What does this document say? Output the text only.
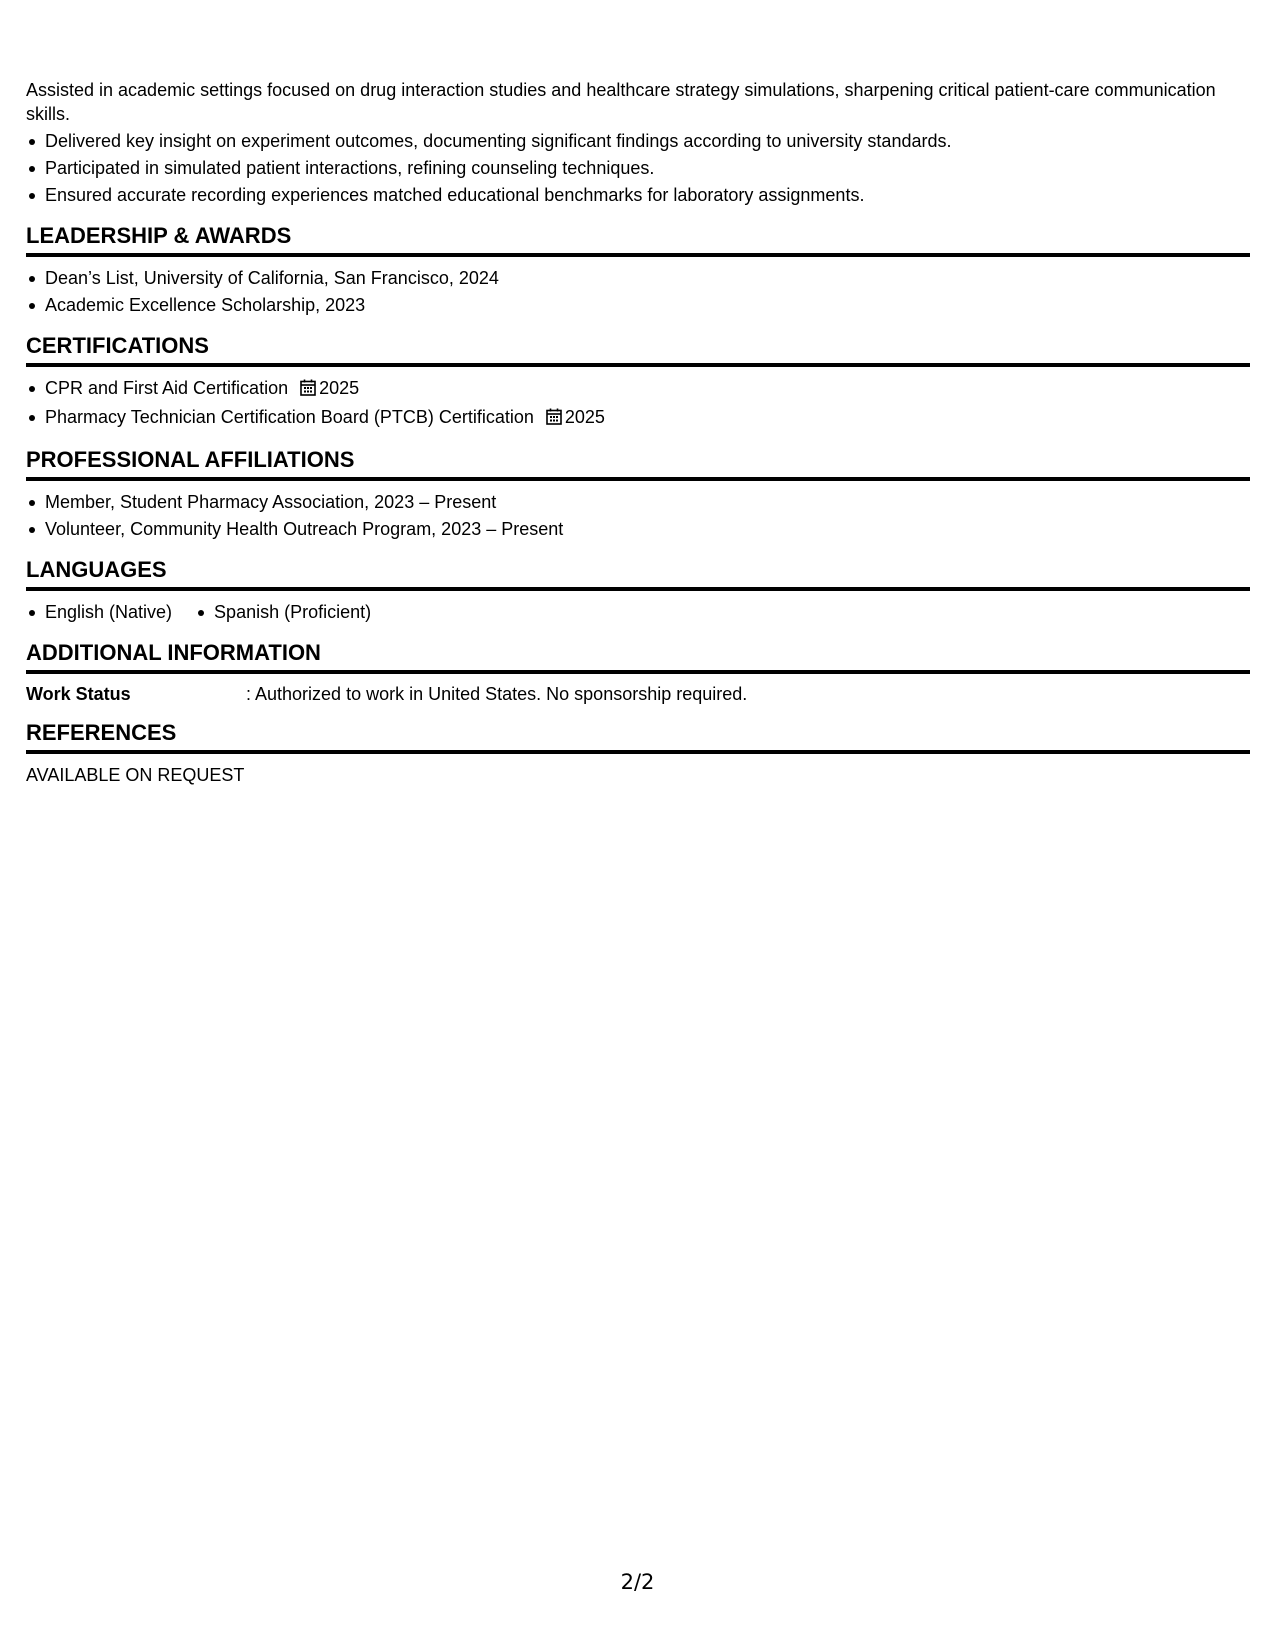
Assisted in academic settings focused on drug interaction studies and healthcare strategy simulations, sharpening critical patient-care communication skills.

Delivered key insight on experiment outcomes, documenting significant findings according to university standards.
Participated in simulated patient interactions, refining counseling techniques.
Ensured accurate recording experiences matched educational benchmarks for laboratory assignments.
LEADERSHIP & AWARDS
Dean’s List, University of California, San Francisco, 2024
Academic Excellence Scholarship, 2023
CERTIFICATIONS
CPR and First Aid Certification 2025
Pharmacy Technician Certification Board (PTCB) Certification 2025
PROFESSIONAL AFFILIATIONS
Member, Student Pharmacy Association, 2023 – Present
Volunteer, Community Health Outreach Program, 2023 – Present
LANGUAGES
English (Native) Spanish (Proficient)
ADDITIONAL INFORMATION
Work Status	: Authorized to work in United States. No sponsorship required.
REFERENCES

AVAILABLE ON REQUEST

2/2
